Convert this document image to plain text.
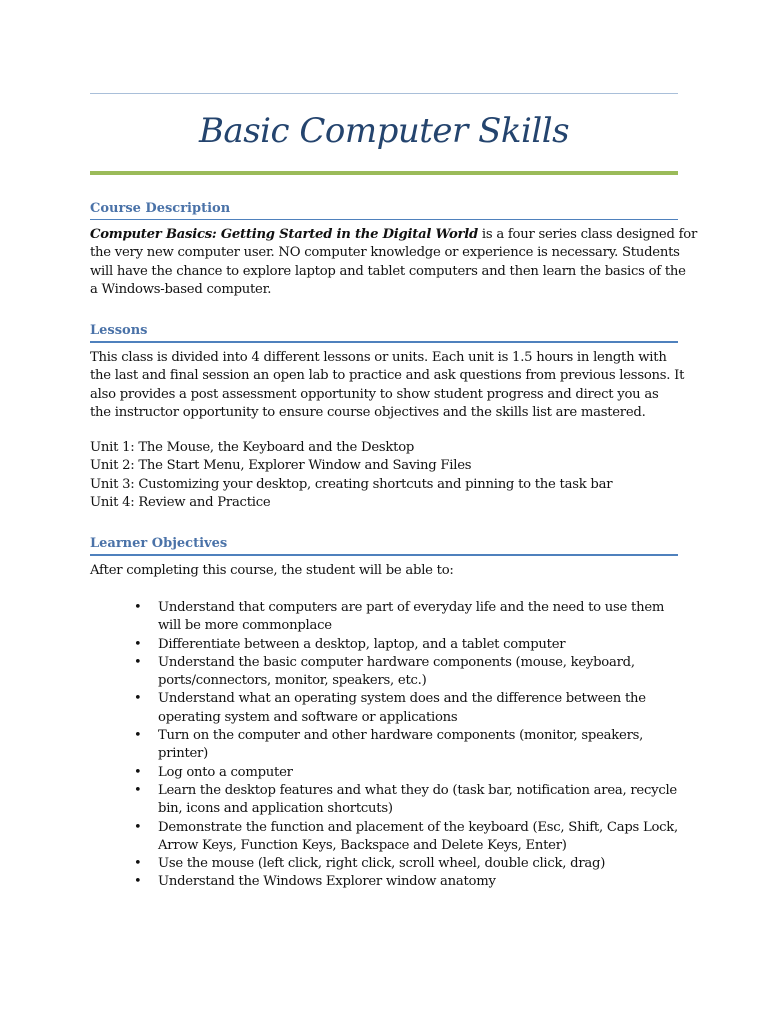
Basic Computer Skills
Course Description
Computer Basics: Getting Started in the Digital World is a four series class designed for
the very new computer user. NO computer knowledge or experience is necessary. Students
will have the chance to explore laptop and tablet computers and then learn the basics of the
a Windows-based computer.
Lessons
This class is divided into 4 different lessons or units. Each unit is 1.5 hours in length with
the last and final session an open lab to practice and ask questions from previous lessons. It
also provides a post assessment opportunity to show student progress and direct you as
the instructor opportunity to ensure course objectives and the skills list are mastered.
Unit 1: The Mouse, the Keyboard and the Desktop
Unit 2: The Start Menu, Explorer Window and Saving Files
Unit 3: Customizing your desktop, creating shortcuts and pinning to the task bar
Unit 4: Review and Practice
Learner Objectives
After completing this course, the student will be able to:
• Understand that computers are part of everyday life and the need to use them
will be more commonplace
• Differentiate between a desktop, laptop, and a tablet computer
• Understand the basic computer hardware components (mouse, keyboard,
ports/connectors, monitor, speakers, etc.)
• Understand what an operating system does and the difference between the
operating system and software or applications
• Turn on the computer and other hardware components (monitor, speakers,
printer)
• Log onto a computer
• Learn the desktop features and what they do (task bar, notification area, recycle
bin, icons and application shortcuts)
• Demonstrate the function and placement of the keyboard (Esc, Shift, Caps Lock,
Arrow Keys, Function Keys, Backspace and Delete Keys, Enter)
• Use the mouse (left click, right click, scroll wheel, double click, drag)
• Understand the Windows Explorer window anatomy
